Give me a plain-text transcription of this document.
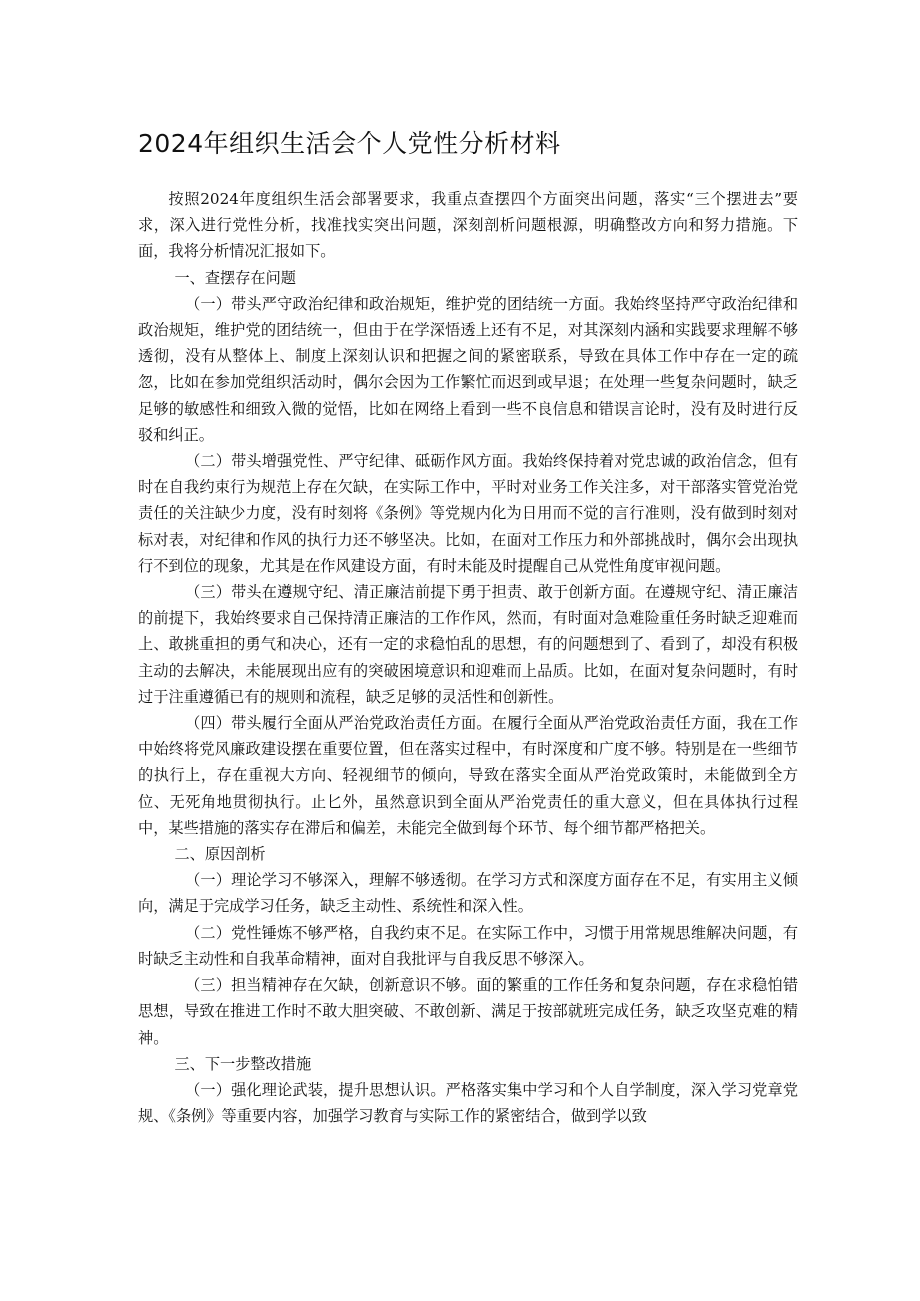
2024年组织生活会个人党性分析材料

按照2024年度组织生活会部署要求，我重点查摆四个方面突出问题，落实“三个摆进去”要求，深入进行党性分析，找准找实突出问题，深刻剖析问题根源，明确整改方向和努力措施。下面，我将分析情况汇报如下。

一、查摆存在问题

（一）带头严守政治纪律和政治规矩，维护党的团结统一方面。我始终坚持严守政治纪律和政治规矩，维护党的团结统一，但由于在学深悟透上还有不足，对其深刻内涵和实践要求理解不够透彻，没有从整体上、制度上深刻认识和把握之间的紧密联系，导致在具体工作中存在一定的疏忽，比如在参加党组织活动时，偶尔会因为工作繁忙而迟到或早退；在处理一些复杂问题时，缺乏足够的敏感性和细致入微的觉悟，比如在网络上看到一些不良信息和错误言论时，没有及时进行反驳和纠正。

（二）带头增强党性、严守纪律、砥砺作风方面。我始终保持着对党忠诚的政治信念，但有时在自我约束行为规范上存在欠缺，在实际工作中，平时对业务工作关注多，对干部落实管党治党责任的关注缺少力度，没有时刻将《条例》等党规内化为日用而不觉的言行准则，没有做到时刻对标对表，对纪律和作风的执行力还不够坚决。比如，在面对工作压力和外部挑战时，偶尔会出现执行不到位的现象，尤其是在作风建设方面，有时未能及时提醒自己从党性角度审视问题。

（三）带头在遵规守纪、清正廉洁前提下勇于担责、敢于创新方面。在遵规守纪、清正廉洁的前提下，我始终要求自己保持清正廉洁的工作作风，然而，有时面对急难险重任务时缺乏迎难而上、敢挑重担的勇气和决心，还有一定的求稳怕乱的思想，有的问题想到了、看到了，却没有积极主动的去解决，未能展现出应有的突破困境意识和迎难而上品质。比如，在面对复杂问题时，有时过于注重遵循已有的规则和流程，缺乏足够的灵活性和创新性。

（四）带头履行全面从严治党政治责任方面。在履行全面从严治党政治责任方面，我在工作中始终将党风廉政建设摆在重要位置，但在落实过程中，有时深度和广度不够。特别是在一些细节的执行上，存在重视大方向、轻视细节的倾向，导致在落实全面从严治党政策时，未能做到全方位、无死角地贯彻执行。止匕外，虽然意识到全面从严治党责任的重大意义，但在具体执行过程中，某些措施的落实存在滞后和偏差，未能完全做到每个环节、每个细节都严格把关。

二、原因剖析

（一）理论学习不够深入，理解不够透彻。在学习方式和深度方面存在不足，有实用主义倾向，满足于完成学习任务，缺乏主动性、系统性和深入性。

（二）党性锤炼不够严格，自我约束不足。在实际工作中，习惯于用常规思维解决问题，有时缺乏主动性和自我革命精神，面对自我批评与自我反思不够深入。

（三）担当精神存在欠缺，创新意识不够。面的繁重的工作任务和复杂问题，存在求稳怕错思想，导致在推进工作时不敢大胆突破、不敢创新、满足于按部就班完成任务，缺乏攻坚克难的精神。

三、下一步整改措施

（一）强化理论武装，提升思想认识。严格落实集中学习和个人自学制度，深入学习党章党规、《条例》等重要内容，加强学习教育与实际工作的紧密结合，做到学以致
